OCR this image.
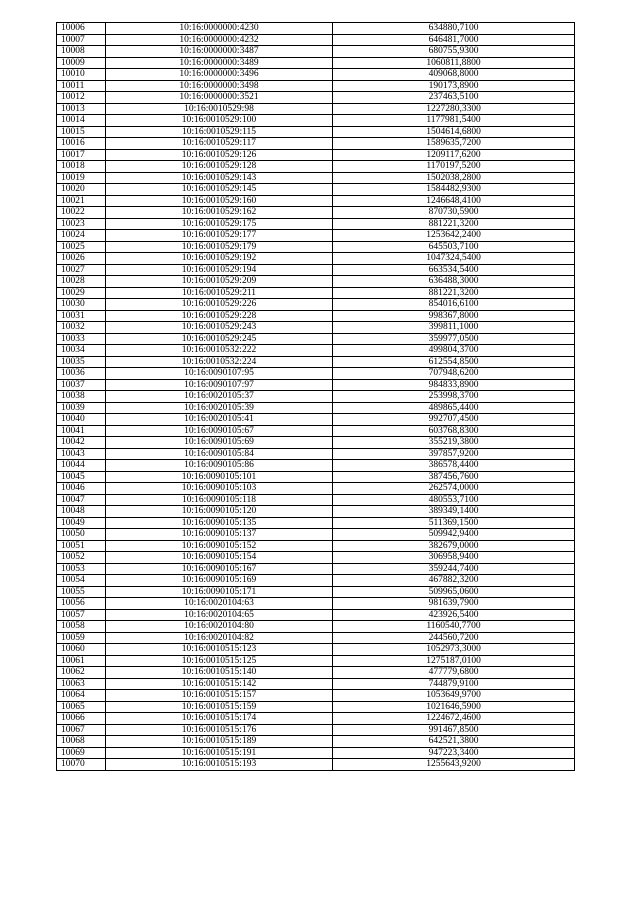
10006	10:16:0000000:4230	634880,7100
10007	10:16:0000000:4232	646481,7000
10008	10:16:0000000:3487	680755,9300
10009	10:16:0000000:3489	1060811,8800
10010	10:16:0000000:3496	409068,8000
10011	10:16:0000000:3498	190173,8900
10012	10:16:0000000:3521	237463,5100
10013	10:16:0010529:98	1227280,3300
10014	10:16:0010529:100	1177981,5400
10015	10:16:0010529:115	1504614,6800
10016	10:16:0010529:117	1589635,7200
10017	10:16:0010529:126	1209117,6200
10018	10:16:0010529:128	1170197,5200
10019	10:16:0010529:143	1502038,2800
10020	10:16:0010529:145	1584482,9300
10021	10:16:0010529:160	1246648,4100
10022	10:16:0010529:162	870730,5900
10023	10:16:0010529:175	881221,3200
10024	10:16:0010529:177	1253642,2400
10025	10:16:0010529:179	645503,7100
10026	10:16:0010529:192	1047324,5400
10027	10:16:0010529:194	663534,5400
10028	10:16:0010529:209	636488,3000
10029	10:16:0010529:211	881221,3200
10030	10:16:0010529:226	854016,6100
10031	10:16:0010529:228	998367,8000
10032	10:16:0010529:243	399811,1000
10033	10:16:0010529:245	359977,0500
10034	10:16:0010532:222	499804,3700
10035	10:16:0010532:224	612554,8500
10036	10:16:0090107:95	707948,6200
10037	10:16:0090107:97	984833,8900
10038	10:16:0020105:37	253998,3700
10039	10:16:0020105:39	489865,4400
10040	10:16:0020105:41	992707,4500
10041	10:16:0090105:67	603768,8300
10042	10:16:0090105:69	355219,3800
10043	10:16:0090105:84	397857,9200
10044	10:16:0090105:86	386578,4400
10045	10:16:0090105:101	387456,7600
10046	10:16:0090105:103	262574,0000
10047	10:16:0090105:118	480553,7100
10048	10:16:0090105:120	389349,1400
10049	10:16:0090105:135	511369,1500
10050	10:16:0090105:137	509942,9400
10051	10:16:0090105:152	382679,0000
10052	10:16:0090105:154	306958,9400
10053	10:16:0090105:167	359244,7400
10054	10:16:0090105:169	467882,3200
10055	10:16:0090105:171	509965,0600
10056	10:16:0020104:63	981639,7900
10057	10:16:0020104:65	423926,5400
10058	10:16:0020104:80	1160540,7700
10059	10:16:0020104:82	244560,7200
10060	10:16:0010515:123	1052973,3000
10061	10:16:0010515:125	1275187,0100
10062	10:16:0010515:140	477779,6800
10063	10:16:0010515:142	744879,9100
10064	10:16:0010515:157	1053649,9700
10065	10:16:0010515:159	1021646,5900
10066	10:16:0010515:174	1224672,4600
10067	10:16:0010515:176	991467,8500
10068	10:16:0010515:189	642521,3800
10069	10:16:0010515:191	947223,3400
10070	10:16:0010515:193	1255643,9200
